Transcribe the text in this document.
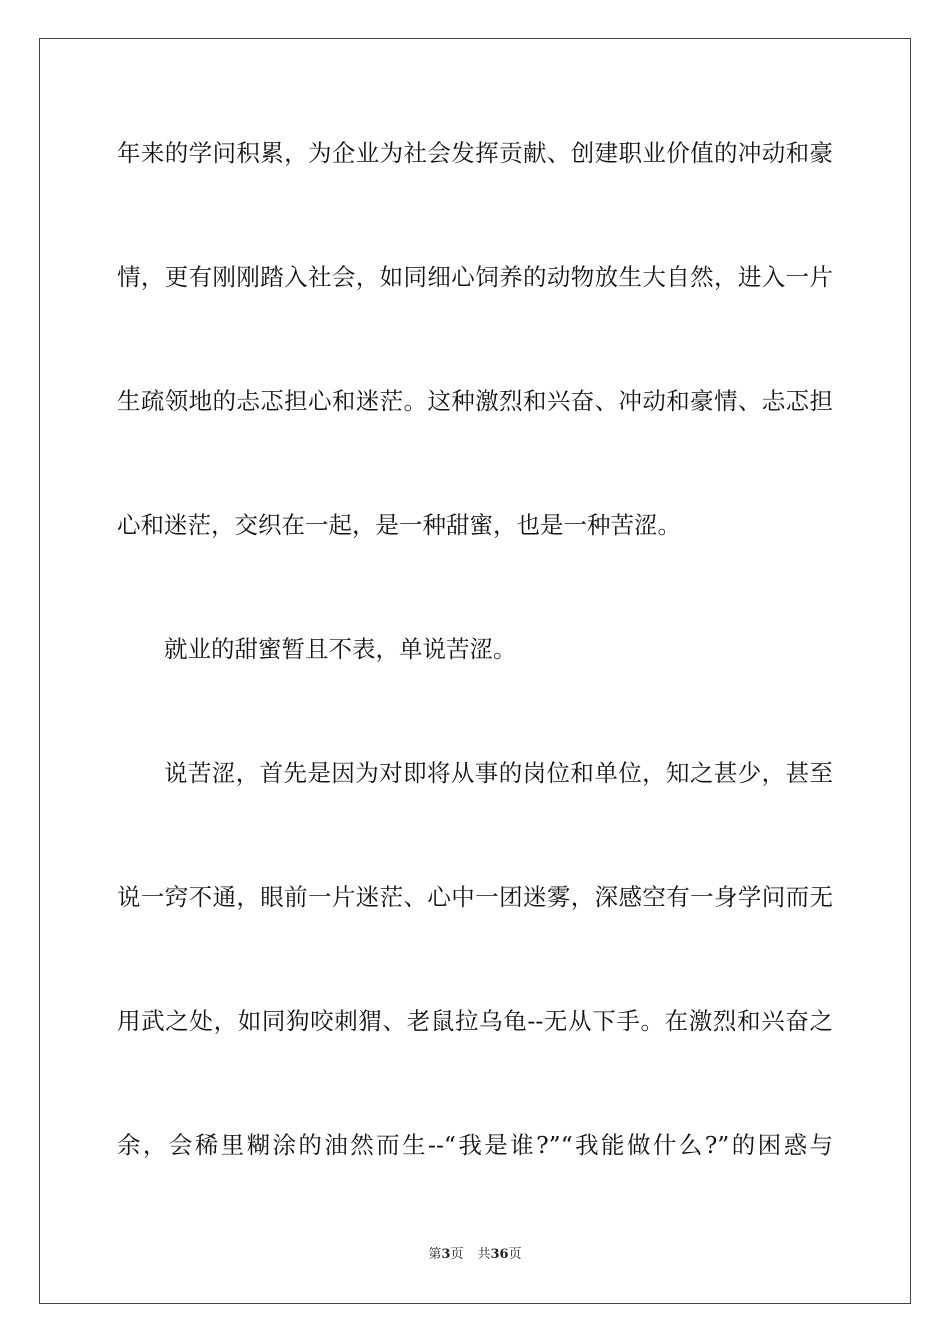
年来的学问积累，为企业为社会发挥贡献、创建职业价值的冲动和豪
情，更有刚刚踏入社会，如同细心饲养的动物放生大自然，进入一片
生疏领地的忐忑担心和迷茫。这种激烈和兴奋、冲动和豪情、忐忑担
心和迷茫，交织在一起，是一种甜蜜，也是一种苦涩。
就业的甜蜜暂且不表，单说苦涩。
说苦涩，首先是因为对即将从事的岗位和单位，知之甚少，甚至
说一窍不通，眼前一片迷茫、心中一团迷雾，深感空有一身学问而无
用武之处，如同狗咬刺猬、老鼠拉乌龟--无从下手。在激烈和兴奋之
余，会稀里糊涂的油然而生--“我是谁?”“我能做什么?”的困惑与
第3页 共36页
